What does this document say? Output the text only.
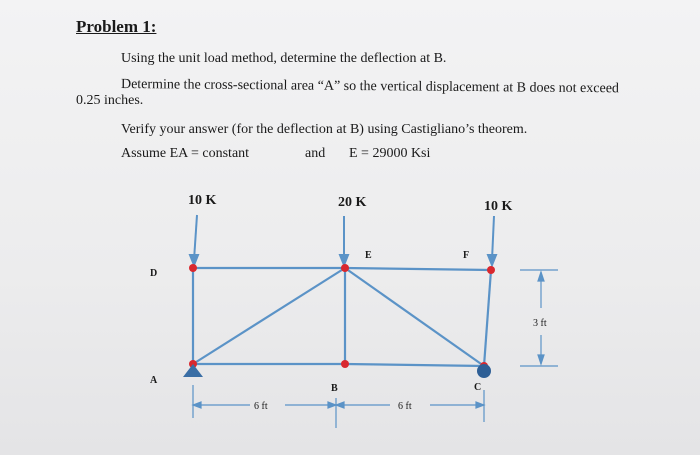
Problem 1:
Using the unit load method, determine the deflection at B.
Determine the cross-sectional area “A” so the vertical displacement at B does not exceed
0.25 inches.
Verify your answer (for the deflection at B) using Castigliano’s theorem.
Assume EA = constant	and E = 29000 Ksi
10 K	20 K	10 K
D
E	F
A
B	C
6 ft	6 ft
3 ft
